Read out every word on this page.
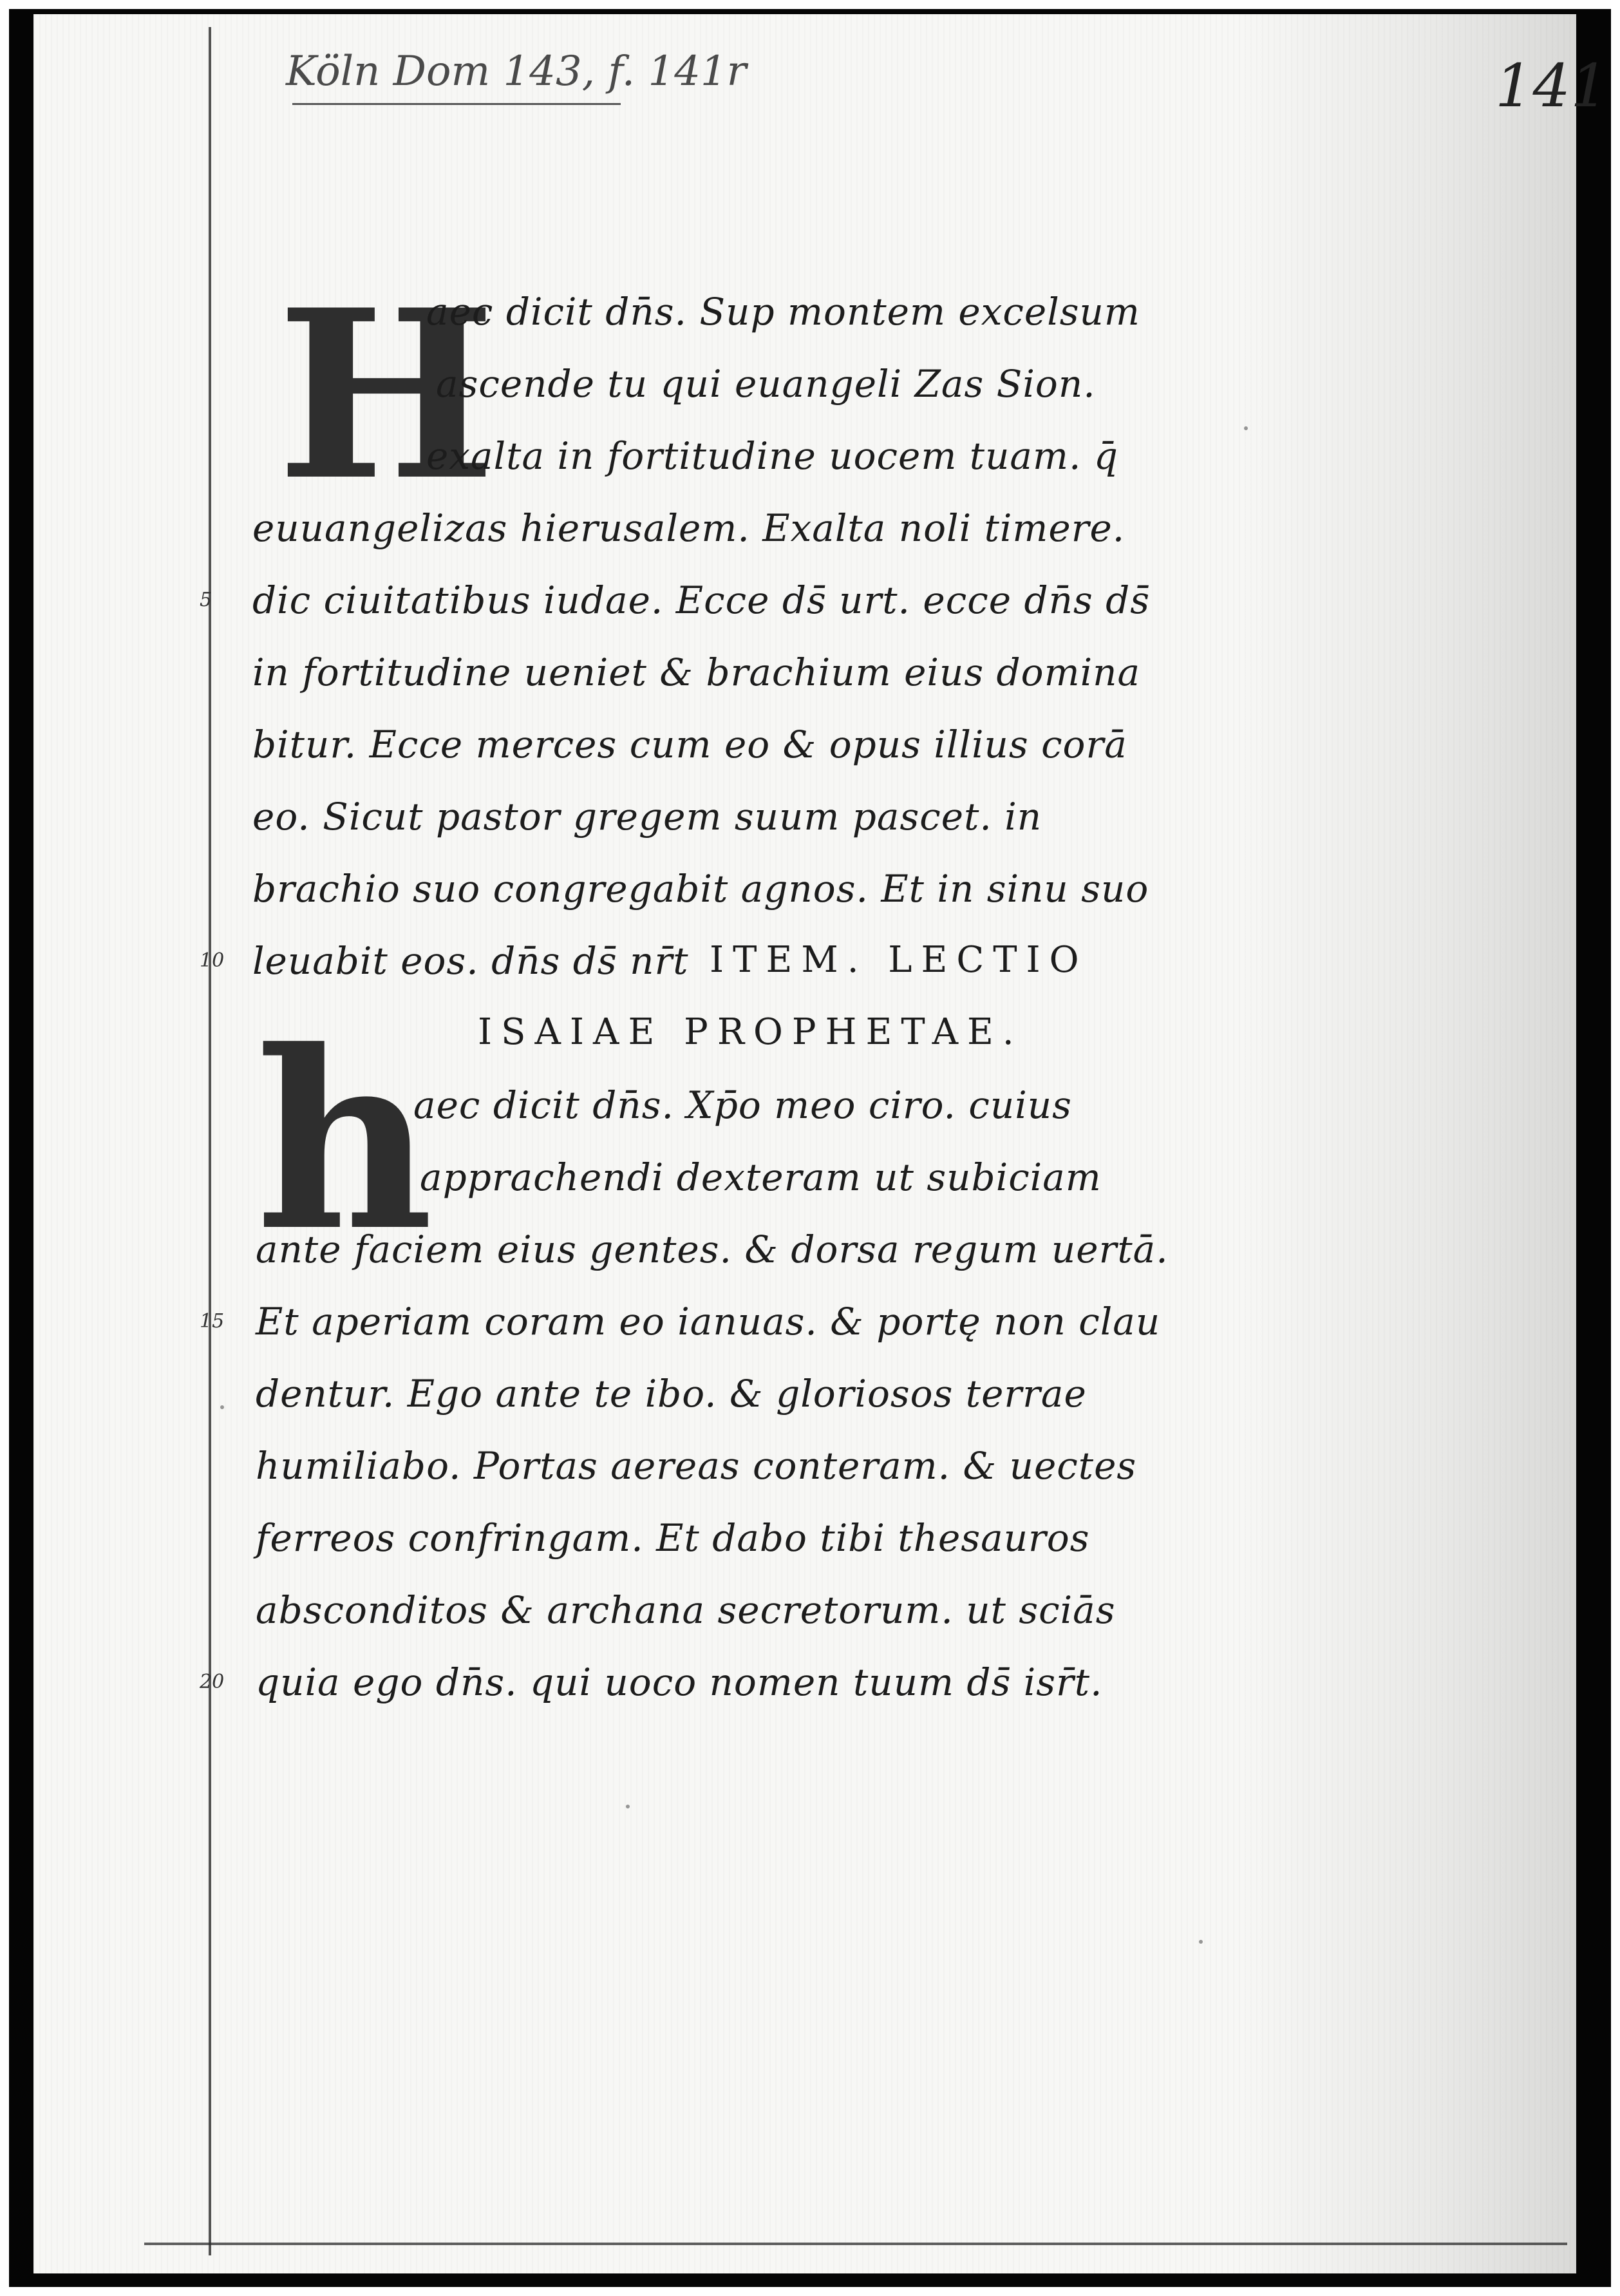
Köln Dom 143, f. 141r	141
H
aec dicit dn̄s. Sup montem excelsum
ascende tu qui euangeli Zas Sion.
exalta in fortitudine uocem tuam. q̄
euuangelizas hierusalem. Exalta noli timere.
dic ciuitatibus iudae. Ecce ds̄ urt. ecce dn̄s ds̄
in fortitudine ueniet & brachium eius domina
bitur. Ecce merces cum eo & opus illius corā
eo. Sicut pastor gregem suum pascet. in
brachio suo congregabit agnos. Et in sinu suo
leuabit eos. dn̄s ds̄ nr̄t ITEM. LECTIO
ISAIAE PROPHETAE.
h
aec dicit dn̄s. Xp̄o meo ciro. cuius
apprachendi dexteram ut subiciam
ante faciem eius gentes. & dorsa regum uertā.
Et aperiam coram eo ianuas. & portę non clau
dentur. Ego ante te ibo. & gloriosos terrae
humiliabo. Portas aereas conteram. & uectes
ferreos confringam. Et dabo tibi thesauros
absconditos & archana secretorum. ut sciās
quia ego dn̄s. qui uoco nomen tuum ds̄ isr̄t.
5
10
15
20
